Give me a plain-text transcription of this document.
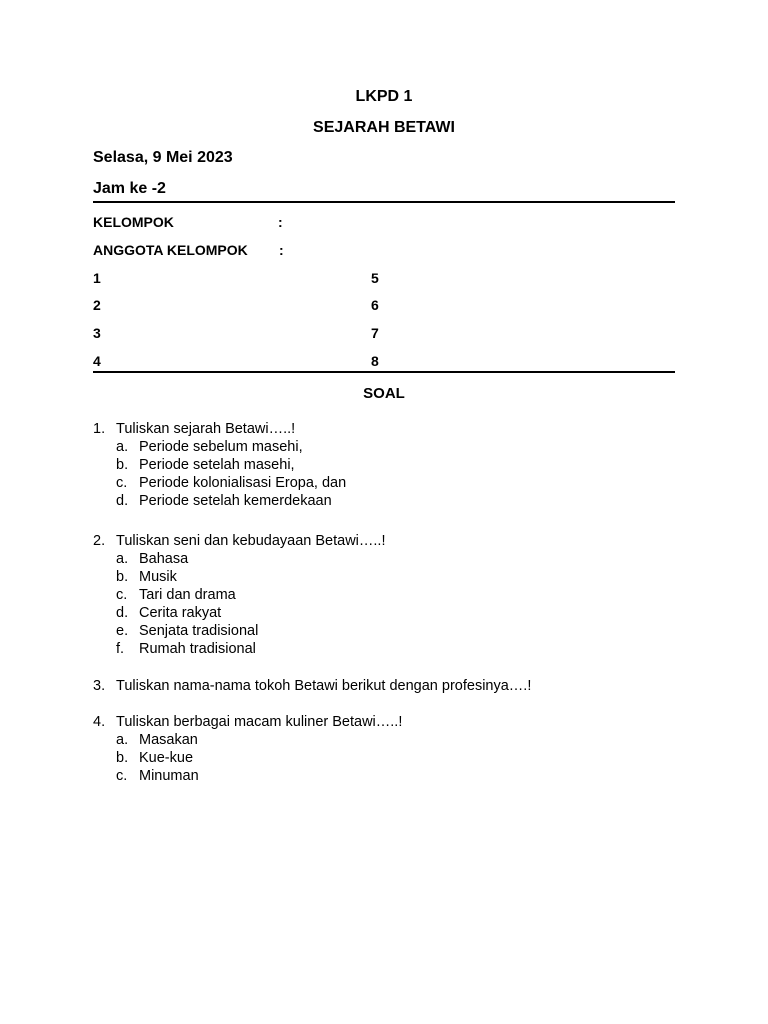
LKPD 1
SEJARAH BETAWI
Selasa, 9 Mei 2023
Jam ke -2
KELOMPOK	:
ANGGOTA KELOMPOK :
1
2
3
4
5
6
7
8
SOAL
1. Tuliskan sejarah Betawi…..!
a. Periode sebelum masehi,
b. Periode setelah masehi,
c. Periode kolonialisasi Eropa, dan
d. Periode setelah kemerdekaan
2. Tuliskan seni dan kebudayaan Betawi…..!
a. Bahasa
b. Musik
c. Tari dan drama
d. Cerita rakyat
e. Senjata tradisional
f. Rumah tradisional
3. Tuliskan nama-nama tokoh Betawi berikut dengan profesinya….!
4. Tuliskan berbagai macam kuliner Betawi…..!
a. Masakan
b. Kue-kue
c. Minuman
